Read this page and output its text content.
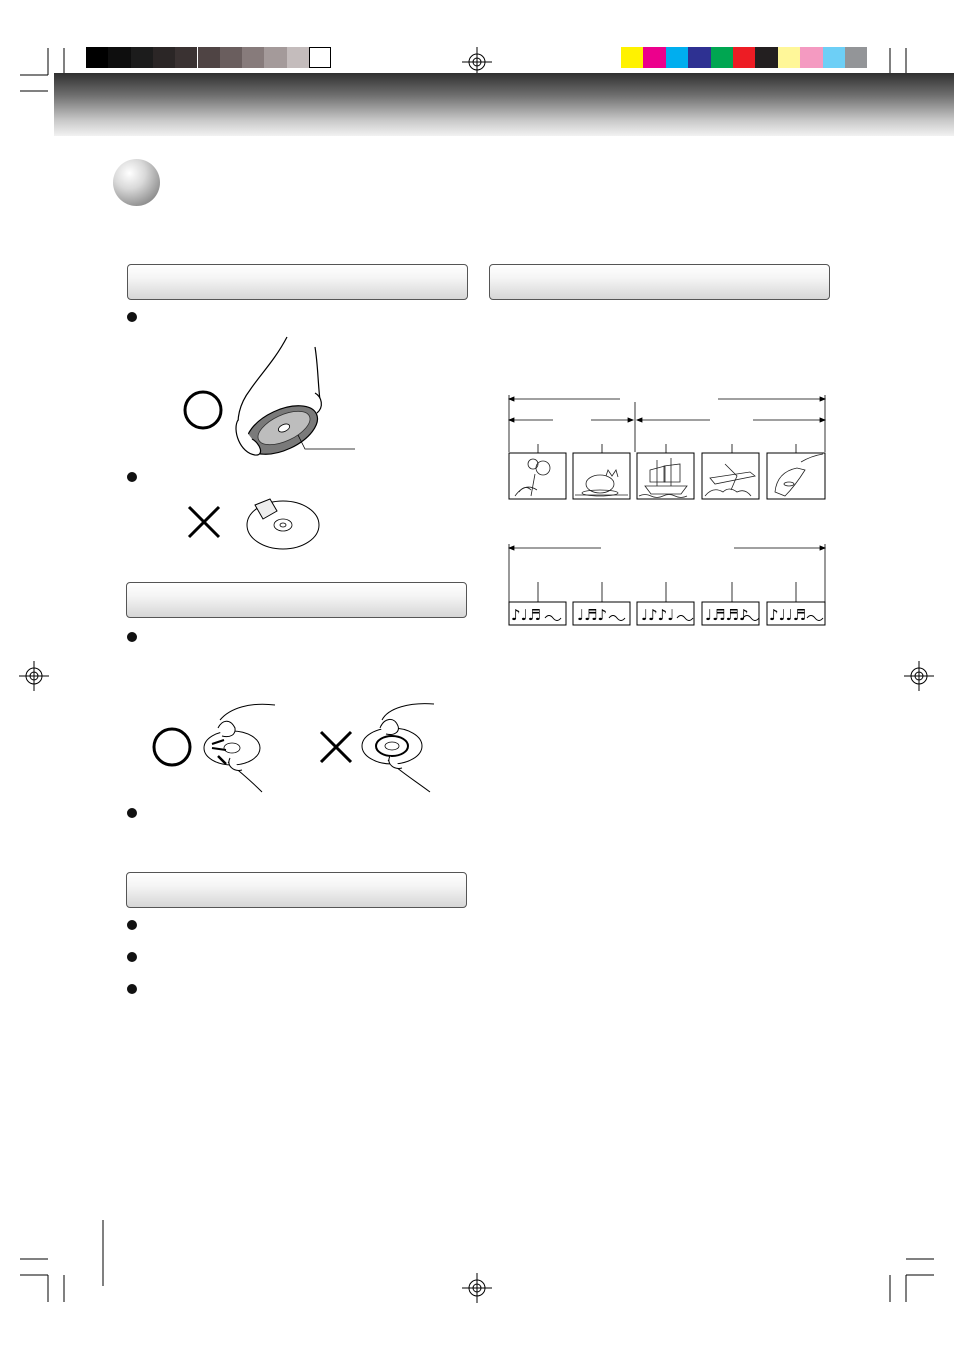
♪♩♬ ♩♬♪ ♩♪♪♩ ♩♬♬♪ ♪♩♩♬
